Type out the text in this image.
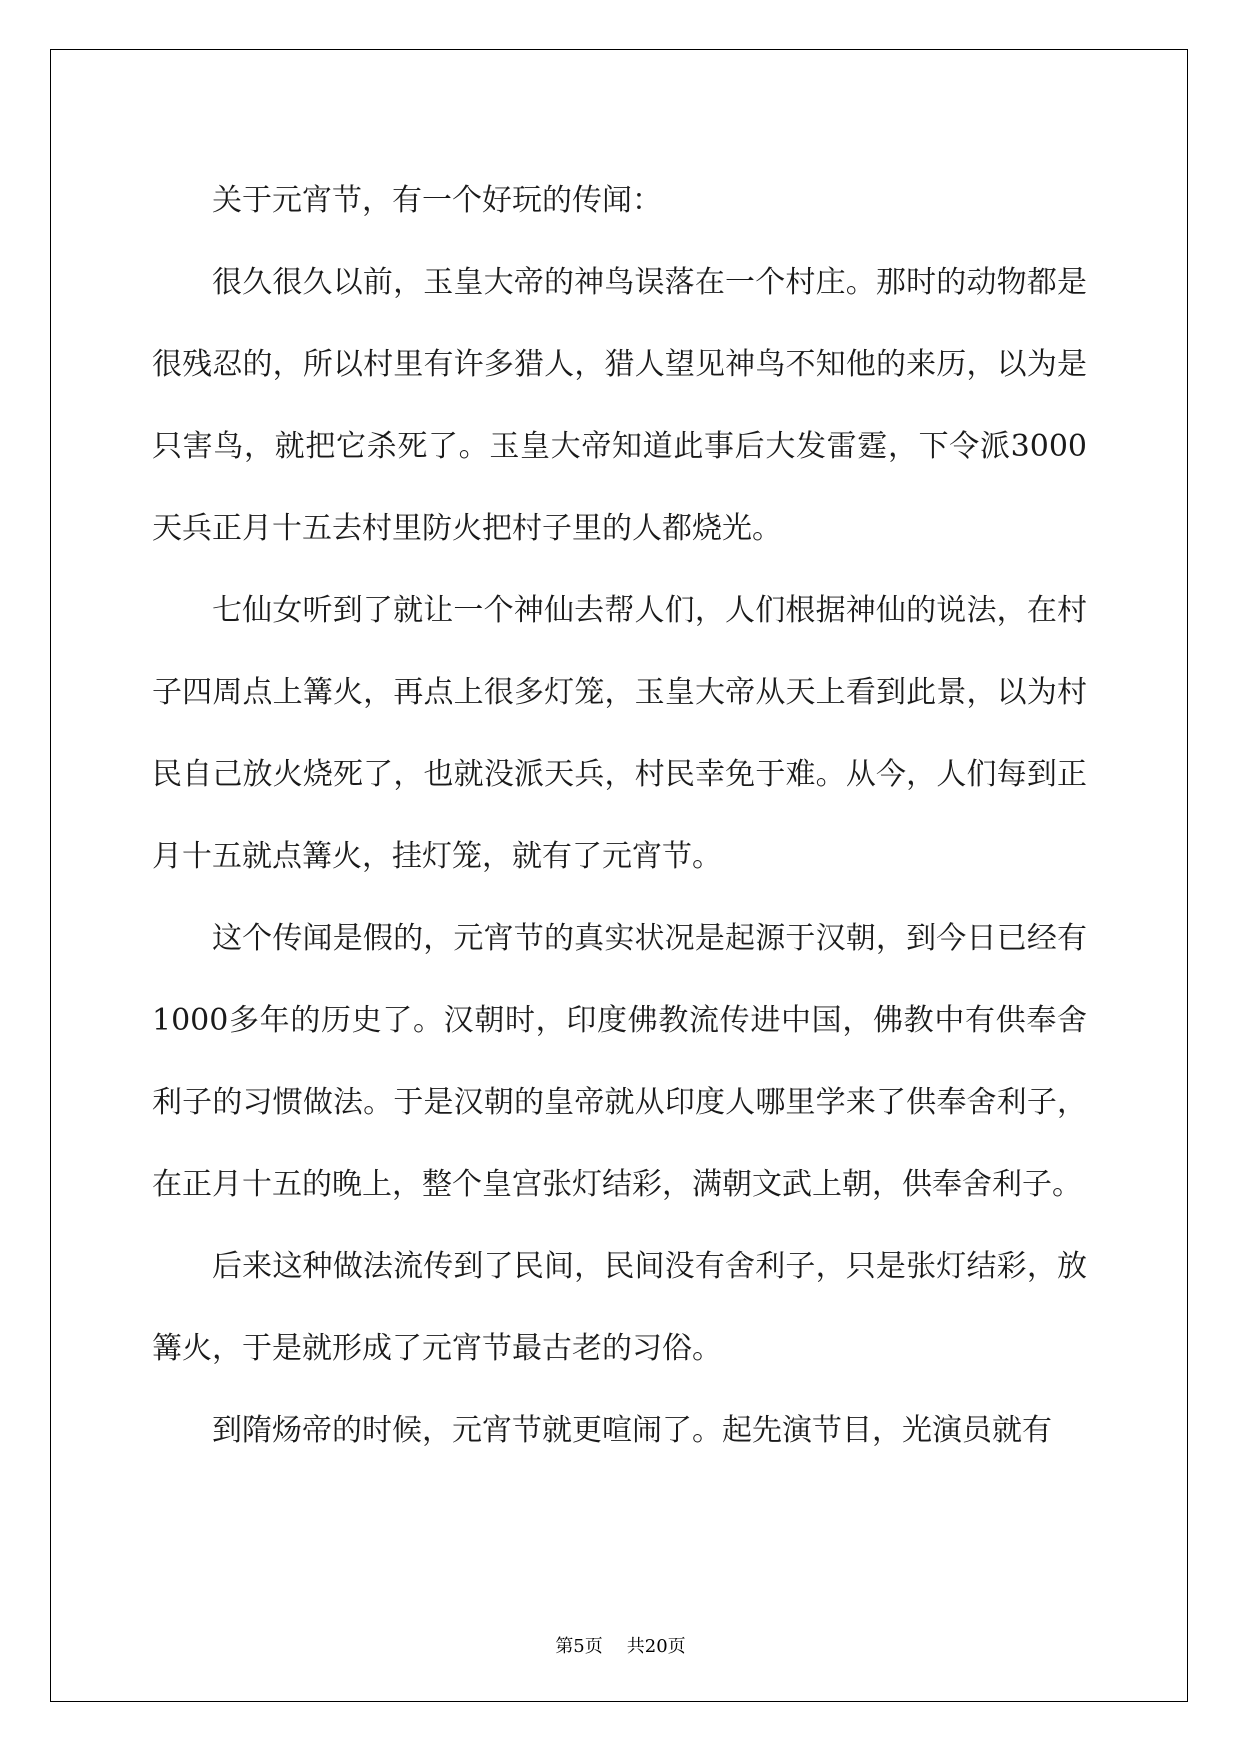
关于元宵节，有一个好玩的传闻：

很久很久以前，玉皇大帝的神鸟误落在一个村庄。那时的动物都是很残忍的，所以村里有许多猎人，猎人望见神鸟不知他的来历，以为是只害鸟，就把它杀死了。玉皇大帝知道此事后大发雷霆，下令派3000天兵正月十五去村里防火把村子里的人都烧光。

七仙女听到了就让一个神仙去帮人们，人们根据神仙的说法，在村子四周点上篝火，再点上很多灯笼，玉皇大帝从天上看到此景，以为村民自己放火烧死了，也就没派天兵，村民幸免于难。从今，人们每到正月十五就点篝火，挂灯笼，就有了元宵节。

这个传闻是假的，元宵节的真实状况是起源于汉朝，到今日已经有1000多年的历史了。汉朝时，印度佛教流传进中国，佛教中有供奉舍利子的习惯做法。于是汉朝的皇帝就从印度人哪里学来了供奉舍利子，在正月十五的晚上，整个皇宫张灯结彩，满朝文武上朝，供奉舍利子。

后来这种做法流传到了民间，民间没有舍利子，只是张灯结彩，放篝火，于是就形成了元宵节最古老的习俗。

到隋炀帝的时候，元宵节就更喧闹了。起先演节目，光演员就有

第5页 共20页
